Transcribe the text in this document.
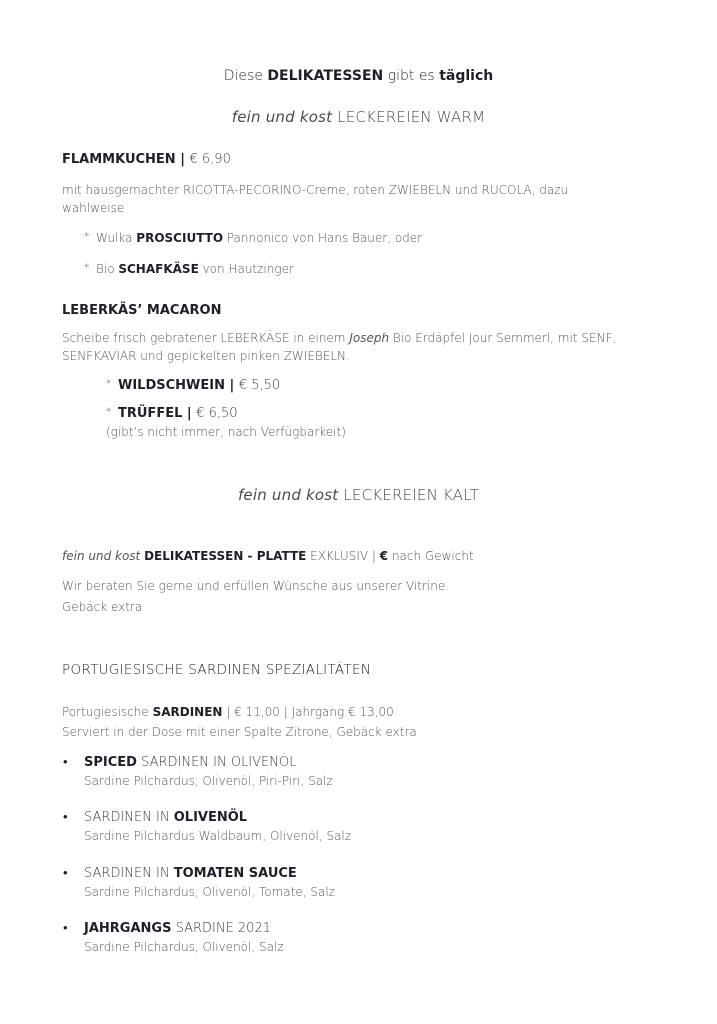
Diese DELIKATESSEN gibt es täglich
fein und kost LECKEREIEN WARM
FLAMMKUCHEN | € 6,90
mit hausgemachter RICOTTA-PECORINO-Creme, roten ZWIEBELN und RUCOLA, dazu
wahlweise
* Wulka PROSCIUTTO Pannonico von Hans Bauer, oder
* Bio SCHAFKÄSE von Hautzinger
LEBERKÄS’ MACARON
Scheibe frisch gebratener LEBERKÄSE in einem Joseph Bio Erdäpfel Jour Semmerl, mit SENF,
SENFKAVIAR und gepickelten pinken ZWIEBELN.
* WILDSCHWEIN | € 5,50
* TRÜFFEL | € 6,50
(gibt’s nicht immer, nach Verfügbarkeit)
fein und kost LECKEREIEN KALT
fein und kost DELIKATESSEN - PLATTE EXKLUSIV | € nach Gewicht
Wir beraten Sie gerne und erfüllen Wünsche aus unserer Vitrine.
Gebäck extra
PORTUGIESISCHE SARDINEN SPEZIALITÄTEN
Portugiesische SARDINEN | € 11,00 | Jahrgang € 13,00
Serviert in der Dose mit einer Spalte Zitrone, Gebäck extra
• SPICED SARDINEN IN OLIVENÖL
Sardine Pilchardus, Olivenöl, Piri-Piri, Salz
• SARDINEN IN OLIVENÖL
Sardine Pilchardus Waldbaum, Olivenöl, Salz
• SARDINEN IN TOMATEN SAUCE
Sardine Pilchardus, Olivenöl, Tomate, Salz
• JAHRGANGS SARDINE 2021
Sardine Pilchardus, Olivenöl, Salz
